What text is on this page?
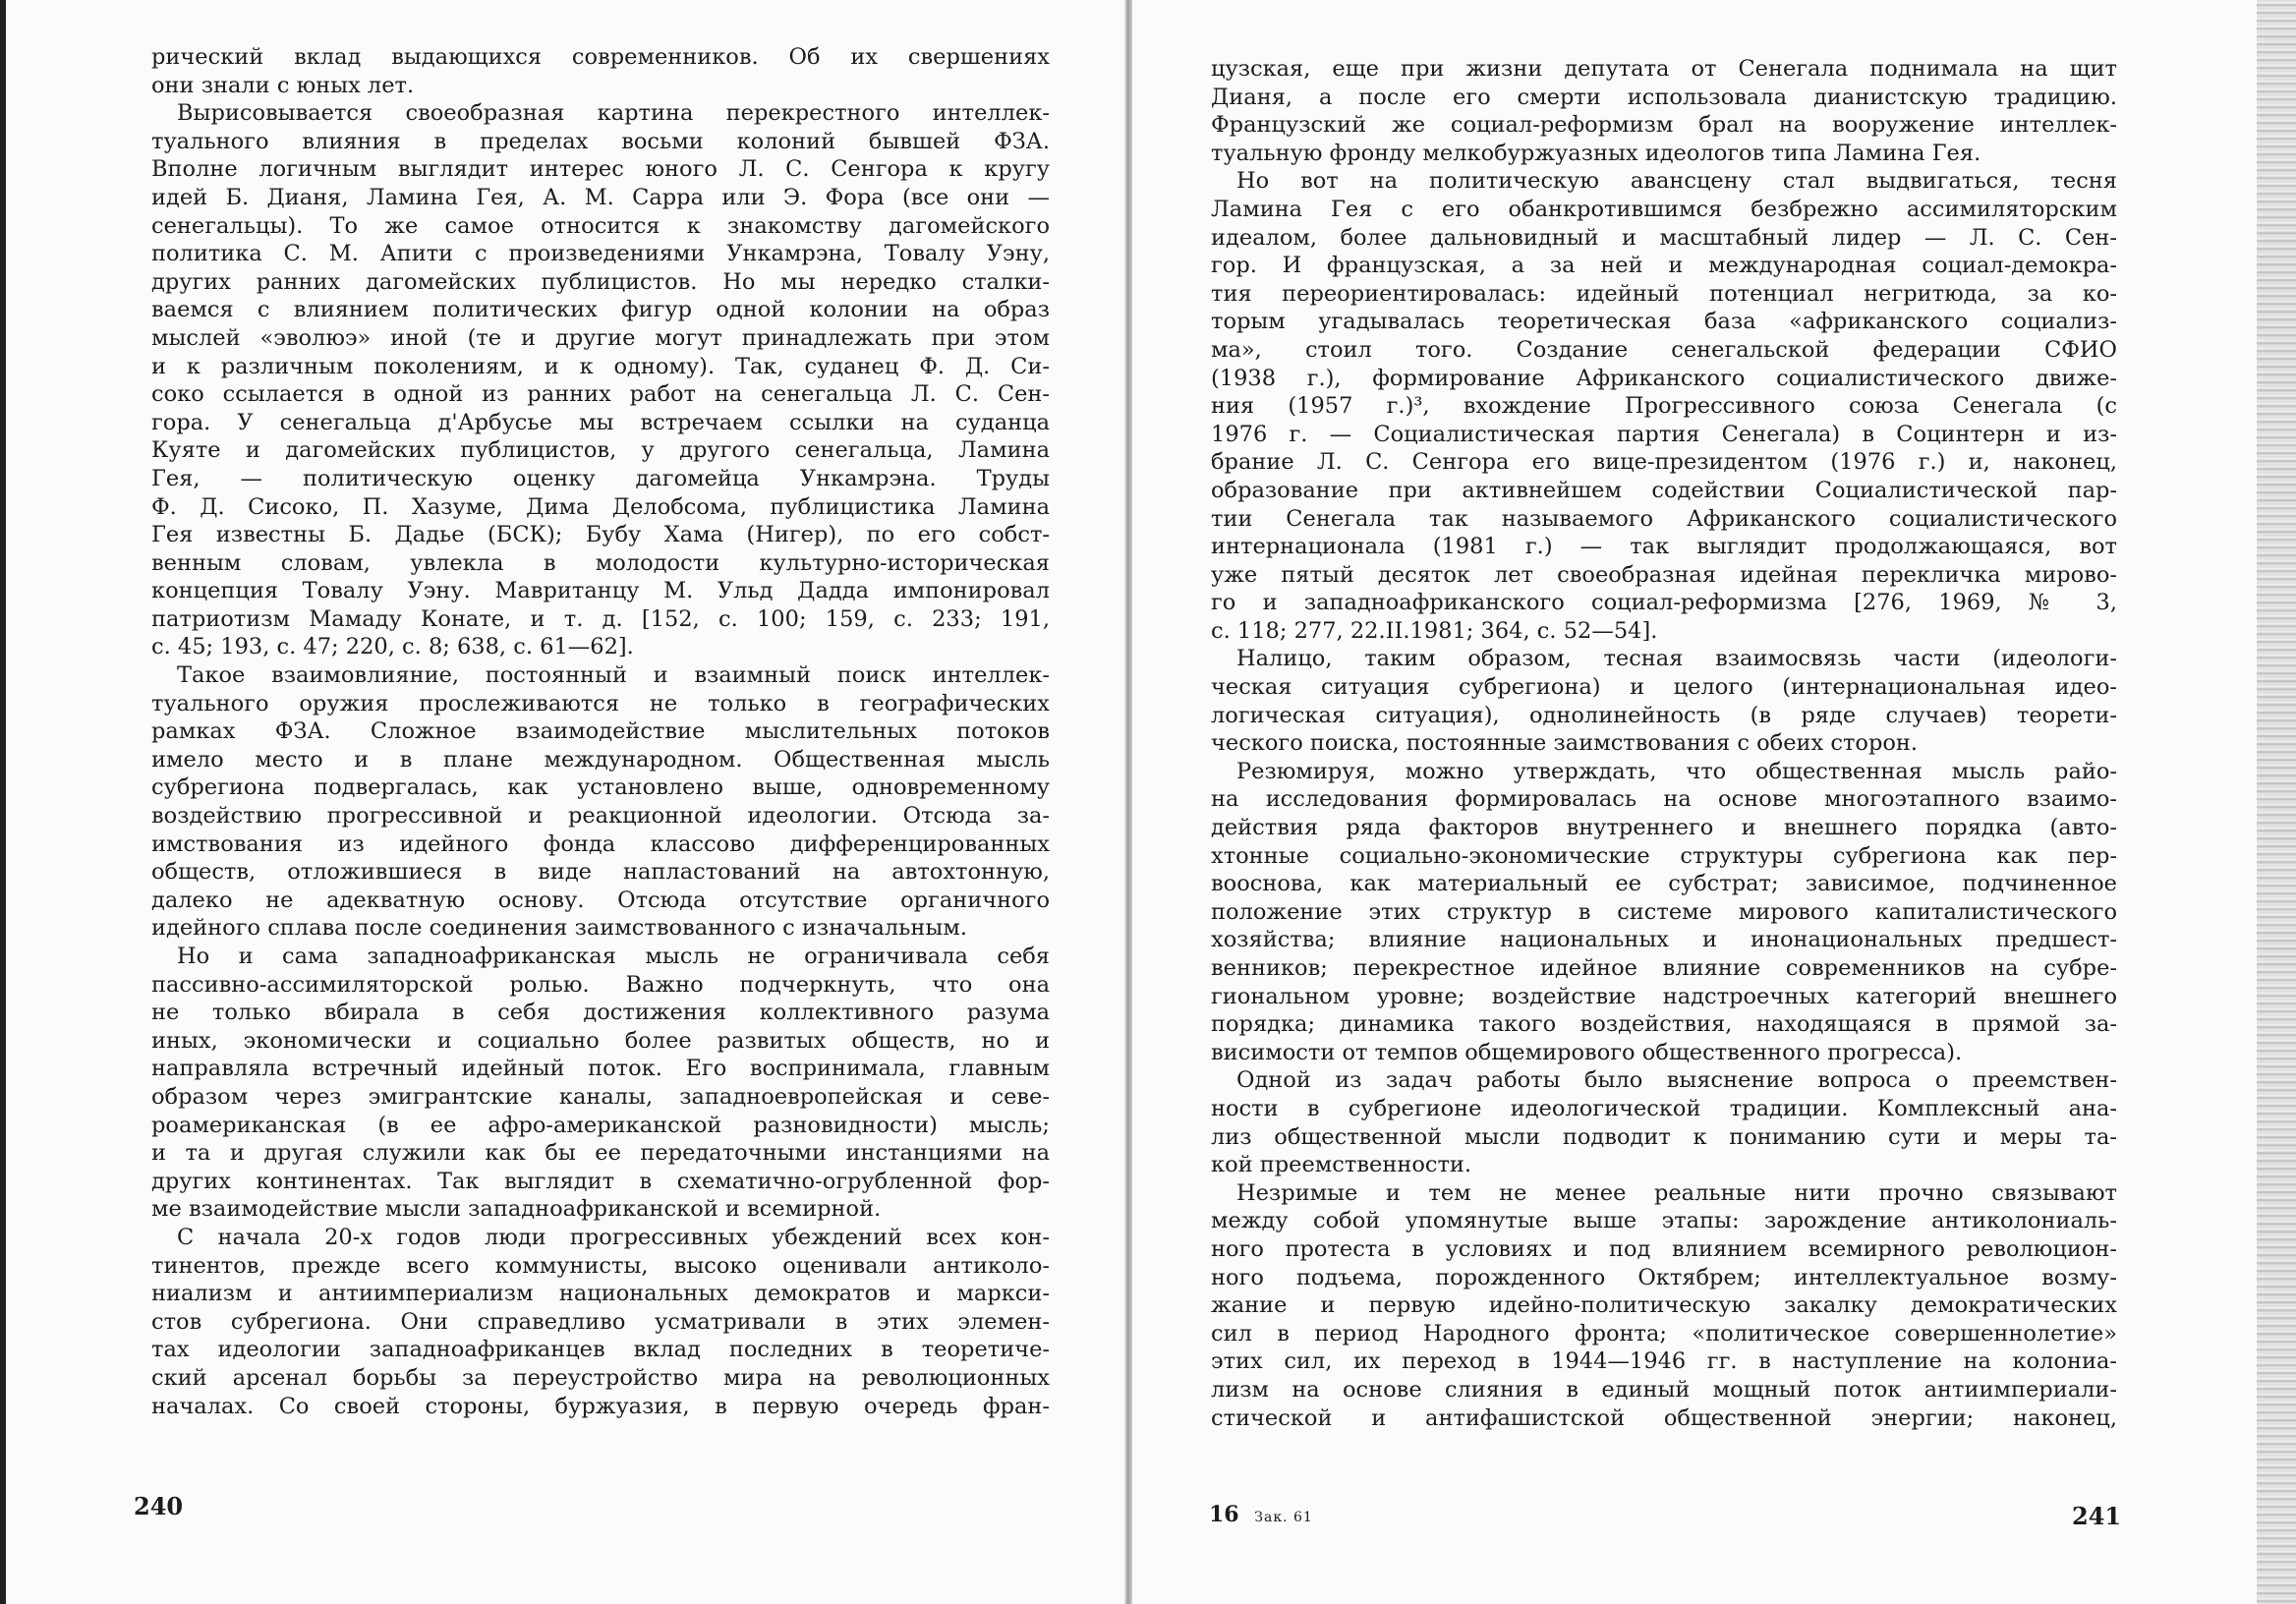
рический вклад выдающихся современников. Об их свершениях
они знали с юных лет.
Вырисовывается своеобразная картина перекрестного интеллек-
туального влияния в пределах восьми колоний бывшей ФЗА.
Вполне логичным выглядит интерес юного Л. С. Сенгора к кругу
идей Б. Дианя, Ламина Гея, А. М. Сарра или Э. Фора (все они —
сенегальцы). То же самое относится к знакомству дагомейского
политика С. М. Апити с произведениями Ункамрэна, Товалу Уэну,
других ранних дагомейских публицистов. Но мы нередко сталки-
ваемся с влиянием политических фигур одной колонии на образ
мыслей «эволюэ» иной (те и другие могут принадлежать при этом
и к различным поколениям, и к одному). Так, суданец Ф. Д. Си-
соко ссылается в одной из ранних работ на сенегальца Л. С. Сен-
гора. У сенегальца д'Арбусье мы встречаем ссылки на суданца
Куяте и дагомейских публицистов, у другого сенегальца, Ламина
Гея, — политическую оценку дагомейца Ункамрэна. Труды
Ф. Д. Сисоко, П. Хазуме, Дима Делобсома, публицистика Ламина
Гея известны Б. Дадье (БСК); Бубу Хама (Нигер), по его собст-
венным словам, увлекла в молодости культурно-историческая
концепция Товалу Уэну. Мавританцу М. Ульд Дадда импонировал
патриотизм Мамаду Конате, и т. д. [152, с. 100; 159, с. 233; 191,
с. 45; 193, с. 47; 220, с. 8; 638, с. 61—62].
Такое взаимовлияние, постоянный и взаимный поиск интеллек-
туального оружия прослеживаются не только в географических
рамках ФЗА. Сложное взаимодействие мыслительных потоков
имело место и в плане международном. Общественная мысль
субрегиона подвергалась, как установлено выше, одновременному
воздействию прогрессивной и реакционной идеологии. Отсюда за-
имствования из идейного фонда классово дифференцированных
обществ, отложившиеся в виде напластований на автохтонную,
далеко не адекватную основу. Отсюда отсутствие органичного
идейного сплава после соединения заимствованного с изначальным.
Но и сама западноафриканская мысль не ограничивала себя
пассивно-ассимиляторской ролью. Важно подчеркнуть, что она
не только вбирала в себя достижения коллективного разума
иных, экономически и социально более развитых обществ, но и
направляла встречный идейный поток. Его воспринимала, главным
образом через эмигрантские каналы, западноевропейская и севе-
роамериканская (в ее афро-американской разновидности) мысль;
и та и другая служили как бы ее передаточными инстанциями на
других континентах. Так выглядит в схематично-огрубленной фор-
ме взаимодействие мысли западноафриканской и всемирной.
С начала 20-х годов люди прогрессивных убеждений всех кон-
тинентов, прежде всего коммунисты, высоко оценивали антиколо-
ниализм и антиимпериализм национальных демократов и маркси-
стов субрегиона. Они справедливо усматривали в этих элемен-
тах идеологии западноафриканцев вклад последних в теоретиче-
ский арсенал борьбы за переустройство мира на революционных
началах. Со своей стороны, буржуазия, в первую очередь фран-
240
цузская, еще при жизни депутата от Сенегала поднимала на щит
Дианя, а после его смерти использовала дианистскую традицию.
Французский же социал-реформизм брал на вооружение интеллек-
туальную фронду мелкобуржуазных идеологов типа Ламина Гея.
Но вот на политическую авансцену стал выдвигаться, тесня
Ламина Гея с его обанкротившимся безбрежно ассимиляторским
идеалом, более дальновидный и масштабный лидер — Л. С. Сен-
гор. И французская, а за ней и международная социал-демокра-
тия переориентировалась: идейный потенциал негритюда, за ко-
торым угадывалась теоретическая база «африканского социализ-
ма», стоил того. Создание сенегальской федерации СФИО
(1938 г.), формирование Африканского социалистического движе-
ния (1957 г.)³, вхождение Прогрессивного союза Сенегала (с
1976 г. — Социалистическая партия Сенегала) в Социнтерн и из-
брание Л. С. Сенгора его вице-президентом (1976 г.) и, наконец,
образование при активнейшем содействии Социалистической пар-
тии Сенегала так называемого Африканского социалистического
интернационала (1981 г.) — так выглядит продолжающаяся, вот
уже пятый десяток лет своеобразная идейная перекличка мирово-
го и западноафриканского социал-реформизма [276, 1969, № 3,
с. 118; 277, 22.II.1981; 364, с. 52—54].
Налицо, таким образом, тесная взаимосвязь части (идеологи-
ческая ситуация субрегиона) и целого (интернациональная идео-
логическая ситуация), однолинейность (в ряде случаев) теорети-
ческого поиска, постоянные заимствования с обеих сторон.
Резюмируя, можно утверждать, что общественная мысль райо-
на исследования формировалась на основе многоэтапного взаимо-
действия ряда факторов внутреннего и внешнего порядка (авто-
хтонные социально-экономические структуры субрегиона как пер-
вооснова, как материальный ее субстрат; зависимое, подчиненное
положение этих структур в системе мирового капиталистического
хозяйства; влияние национальных и инонациональных предшест-
венников; перекрестное идейное влияние современников на субре-
гиональном уровне; воздействие надстроечных категорий внешнего
порядка; динамика такого воздействия, находящаяся в прямой за-
висимости от темпов общемирового общественного прогресса).
Одной из задач работы было выяснение вопроса о преемствен-
ности в субрегионе идеологической традиции. Комплексный ана-
лиз общественной мысли подводит к пониманию сути и меры та-
кой преемственности.
Незримые и тем не менее реальные нити прочно связывают
между собой упомянутые выше этапы: зарождение антиколониаль-
ного протеста в условиях и под влиянием всемирного революцион-
ного подъема, порожденного Октябрем; интеллектуальное возму-
жание и первую идейно-политическую закалку демократических
сил в период Народного фронта; «политическое совершеннолетие»
этих сил, их переход в 1944—1946 гг. в наступление на колониа-
лизм на основе слияния в единый мощный поток антиимпериали-
стической и антифашистской общественной энергии; наконец,
16 Зак. 61	241
